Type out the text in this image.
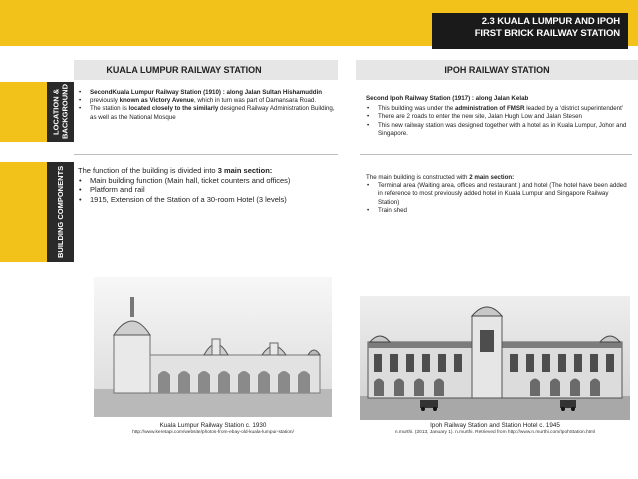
2.3 KUALA LUMPUR AND IPOH
FIRST BRICK RAILWAY STATION
KUALA LUMPUR RAILWAY STATION	IPOH RAILWAY STATION
LOCATION & BACKGROUND
BUILDING COMPONENTS
• SecondKuala Lumpur Railway Station (1910) : along Jalan Sultan Hishamuddin
• previously known as Victory Avenue, which in turn was part of Damansara Road.
• The station is located closely to the similarly designed Railway Administration Building, as well as the National Mosque
Second Ipoh Railway Station (1917) : along Jalan Kelab
• This building was under the administration of FMSR leaded by a ‘district superintendent’
• There are 2 roads to enter the new site, Jalan Hugh Low and Jalan Stesen
• This new railway station was designed together with a hotel as in Kuala Lumpur, Johor and Singapore.
The function of the building is divided into 3 main section:
• Main building function (Main hall, ticket counters and offices)
• Platform and rail
• 1915, Extension of the Station of a 30-room Hotel (3 levels)
The main building is constructed with 2 main section:
• Terminal area (Waiting area, offices and restaurant ) and hotel (The hotel have been added in reference to most previously added hotel in Kuala Lumpur and Singapore Railway Station)
• Train shed
Kuala Lumpur Railway Station c. 1930
http://www.keretapi.com/website/photos-from-ebay-old-kuala-lumpur-station/
Ipoh Railway Station and Station Hotel c. 1945
n.murthi. (2013, January 1). n.murthi. Retrieved from http://www.n.murthi.com/IpohStation.html
